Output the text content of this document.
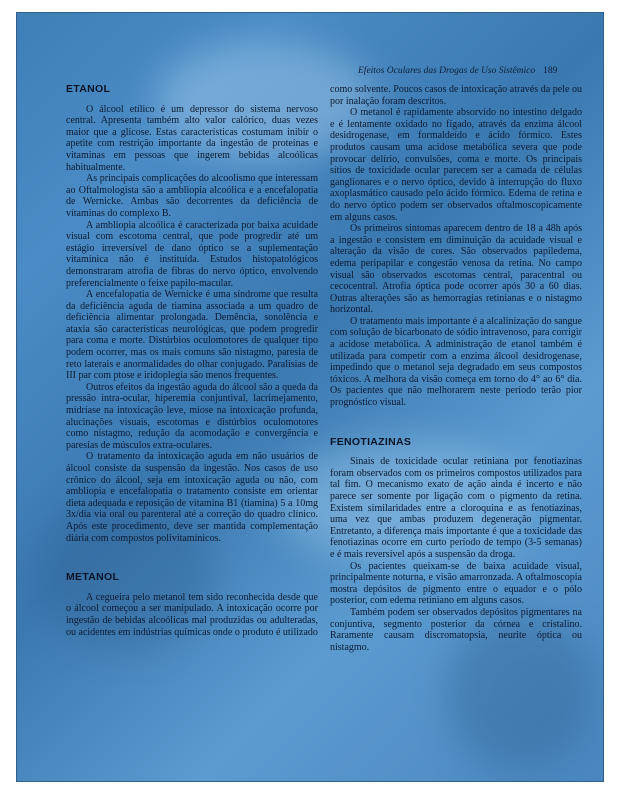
Efeitos Oculares das Drogas de Uso Sistêmico 189
ETANOL

O álcool etílico é um depressor do sistema nervoso central. Apresenta também alto valor calórico, duas vezes maior que a glicose. Estas características costumam inibir o apetite com restrição importante da ingestão de proteínas e vitaminas em pessoas que ingerem bebidas alcoólicas habitualmente.

As principais complicações do alcoolismo que interessam ao Oftalmologista são a ambliopia alcoólica e a encefalopatia de Wernicke. Ambas são decorrentes da deficiência de vitaminas do complexo B.

A ambliopia alcoólica é caracterizada por baixa acuidade visual com escotoma central, que pode progredir até um estágio irreversível de dano óptico se a suplementação vitamínica não é instituída. Estudos histopatológicos demonstraram atrofia de fibras do nervo óptico, envolvendo preferencialmente o feixe papilo-macular.

A encefalopatia de Wernicke é uma síndrome que resulta da deficiência aguda de tiamina associada a um quadro de deficiência alimentar prolongada. Demência, sonolência e ataxia são características neurológicas, que podem progredir para coma e morte. Distúrbios oculomotores de qualquer tipo podem ocorrer, mas os mais comuns são nistagmo, paresia de reto laterais e anormalidades do olhar conjugado. Paralisias de III par com ptose e iridoplegia são menos frequentes.

Outros efeitos da ingestão aguda do álcool são a queda da pressão intra-ocular, hiperemia conjuntival, lacrimejamento, midríase na intoxicação leve, miose na intoxicação profunda, alucinações visuais, escotomas e distúrbios oculomotores como nistagmo, redução da acomodação e convergência e paresias de músculos extra-oculares.

O tratamento da intoxicação aguda em não usuários de álcool consiste da suspensão da ingestão. Nos casos de uso crônico do álcool, seja em intoxicação aguda ou não, com ambliopia e encefalopatia o tratamento consiste em orientar dieta adequada e reposição de vitamina B1 (tiamina) 5 a 10mg 3x/dia via oral ou parenteral até a correção do quadro clínico. Após este procedimento, deve ser mantida complementação diária com compostos polivitamínicos.

METANOL

A cegueira pelo metanol tem sido reconhecida desde que o álcool começou a ser manipulado. A intoxicação ocorre por ingestão de bebidas alcoólicas mal produzidas ou adulteradas, ou acidentes em indústrias químicas onde o produto é utilizado

como solvente. Poucos casos de intoxicação através da pele ou por inalação foram descritos.

O metanol é rapidamente absorvido no intestino delgado e é lentamente oxidado no fígado, através da enzima álcool desidrogenase, em formaldeído e ácido fórmico. Estes produtos causam uma acidose metabólica severa que pode provocar delírio, convulsões, coma e morte. Os principais sítios de toxicidade ocular parecem ser a camada de células ganglionares e o nervo óptico, devido à interrupção do fluxo axoplasmático causado pelo ácido fórmico. Edema de retina e do nervo óptico podem ser observados oftalmoscopicamente em alguns casos.

Os primeiros sintomas aparecem dentro de 18 a 48h após a ingestão e consistem em diminuição da acuidade visual e alteração da visão de cores. São observados papiledema, edema peripapilar e congestão venosa da retina. No campo visual são observados escotomas central, paracentral ou cecocentral. Atrofia óptica pode ocorrer após 30 a 60 dias. Outras alterações são as hemorragias retinianas e o nistagmo horizontal.

O tratamento mais importante é a alcalinização do sangue com solução de bicarbonato de sódio intravenoso, para corrigir a acidose metabólica. A administração de etanol também é utilizada para competir com a enzima álcool desidrogenase, impedindo que o metanol seja degradado em seus compostos tóxicos. A melhora da visão começa em torno do 4° ao 6° dia. Os pacientes que não melhorarem neste período terão pior prognóstico visual.

FENOTIAZINAS

Sinais de toxicidade ocular retiniana por fenotiazinas foram observados com os primeiros compostos utilizados para tal fim. O mecanismo exato de ação ainda é incerto e não parece ser somente por ligação com o pigmento da retina. Existem similaridades entre a cloroquina e as fenotiazinas, uma vez que ambas produzem degeneração pigmentar. Entretanto, a diferença mais importante é que a toxicidade das fenotiazinas ocorre em curto período de tempo (3-5 semanas) e é mais reversível após a suspensão da droga.

Os pacientes queixam-se de baixa acuidade visual, principalmente noturna, e visão amarronzada. A oftalmoscopia mostra depósitos de pigmento entre o equador e o pólo posterior, com edema retiniano em alguns casos.

Também podem ser observados depósitos pigmentares na conjuntiva, segmento posterior da córnea e cristalino. Raramente causam discromatopsia, neurite óptica ou nistagmo.
